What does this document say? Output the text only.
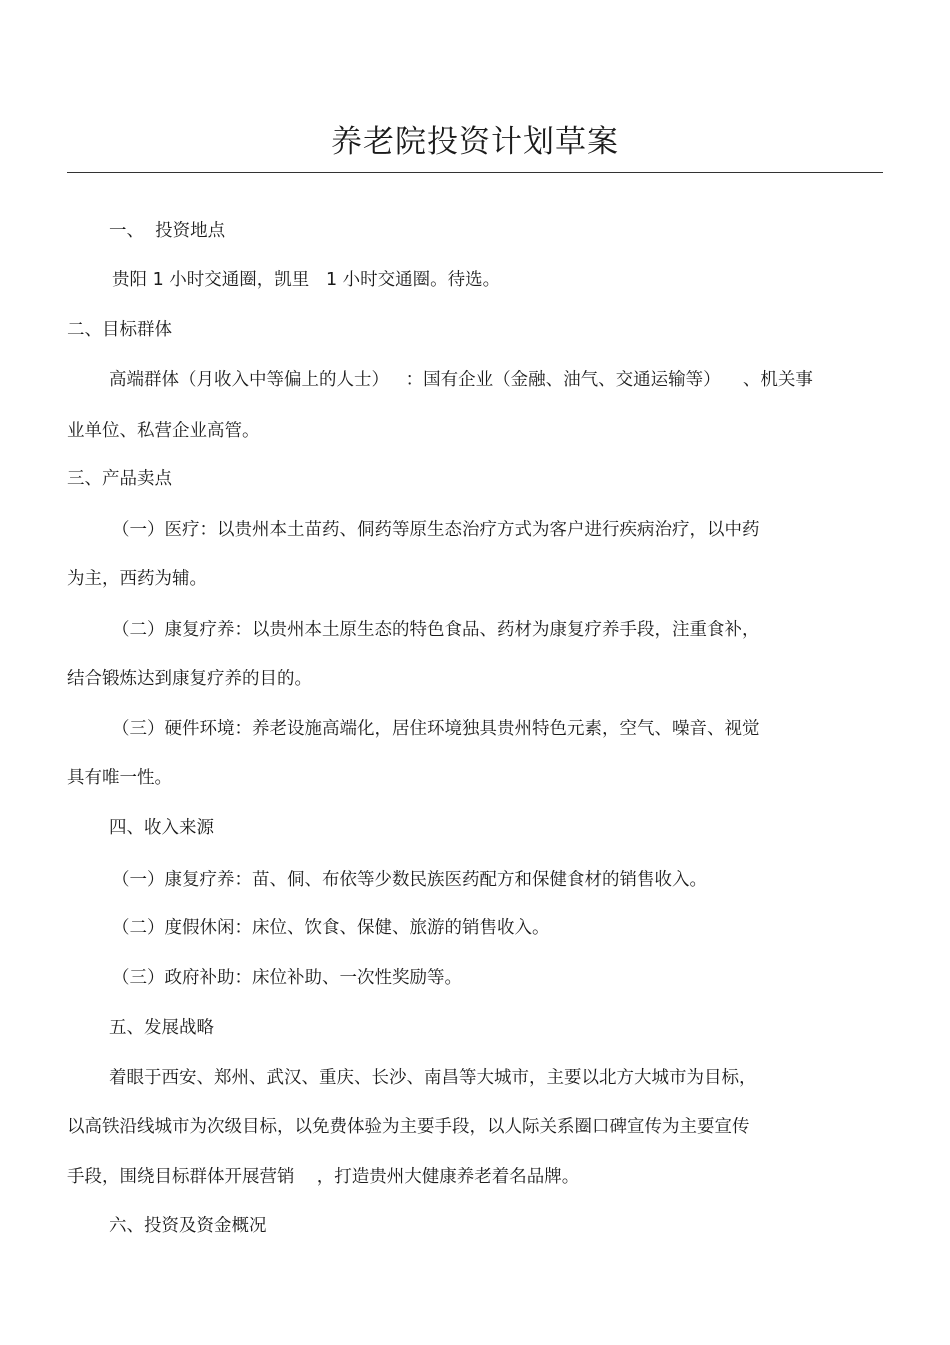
养老院投资计划草案
一、  投资地点
贵阳 1 小时交通圈，凯里   1 小时交通圈。待选。
二、目标群体
高端群体（月收入中等偏上的人士）   ：国有企业（金融、油气、交通运输等）    、机关事
业单位、私营企业高管。
三、产品卖点
（一）医疗：以贵州本土苗药、侗药等原生态治疗方式为客户进行疾病治疗，以中药
为主，西药为辅。
（二）康复疗养：以贵州本土原生态的特色食品、药材为康复疗养手段，注重食补，
结合锻炼达到康复疗养的目的。
（三）硬件环境：养老设施高端化，居住环境独具贵州特色元素，空气、噪音、视觉
具有唯一性。
四、收入来源
（一）康复疗养：苗、侗、布依等少数民族医药配方和保健食材的销售收入。
（二）度假休闲：床位、饮食、保健、旅游的销售收入。
（三）政府补助：床位补助、一次性奖励等。
五、发展战略
着眼于西安、郑州、武汉、重庆、长沙、南昌等大城市，主要以北方大城市为目标，
以高铁沿线城市为次级目标，以免费体验为主要手段，以人际关系圈口碑宣传为主要宣传
手段，围绕目标群体开展营销    ，打造贵州大健康养老着名品牌。
六、投资及资金概况
